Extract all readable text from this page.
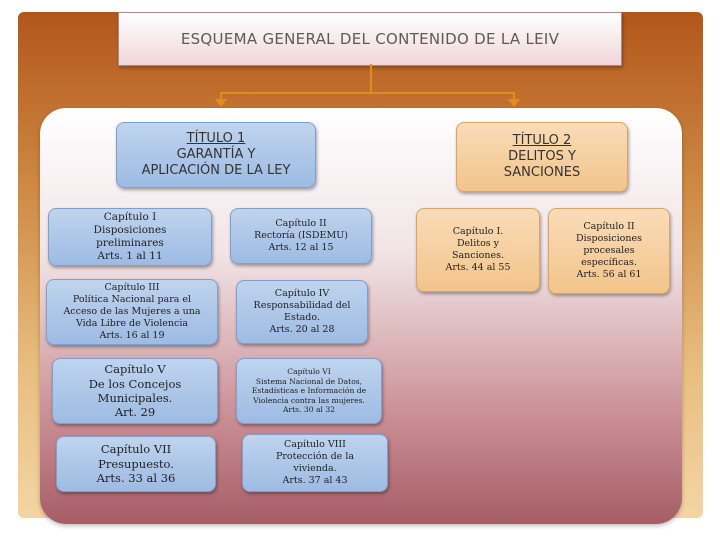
ESQUEMA GENERAL DEL CONTENIDO DE LA LEIV
TÍTULO 1
GARANTÍA Y
APLICACIÓN DE LA LEY
TÍTULO 2
DELITOS Y
SANCIONES
Capítulo I
Disposiciones
preliminares
Arts. 1 al 11
Capítulo II
Rectoría (ISDEMU)
Arts. 12 al 15
Capítulo III
Política Nacional para el
Acceso de las Mujeres a una
Vida Libre de Violencia
Arts. 16 al 19
Capítulo IV
Responsabilidad del
Estado.
Arts. 20 al 28
Capítulo V
De los Concejos
Municipales.
Art. 29
Capítulo VI
Sistema Nacional de Datos,
Estadísticas e Información de
Violencia contra las mujeres.
Arts. 30 al 32
Capítulo VII
Presupuesto.
Arts. 33 al 36
Capítulo VIII
Protección de la
vivienda.
Arts. 37 al 43
Capítulo I.
Delitos y
Sanciones.
Arts. 44 al 55
Capítulo II
Disposiciones
procesales
específicas.
Arts. 56 al 61
